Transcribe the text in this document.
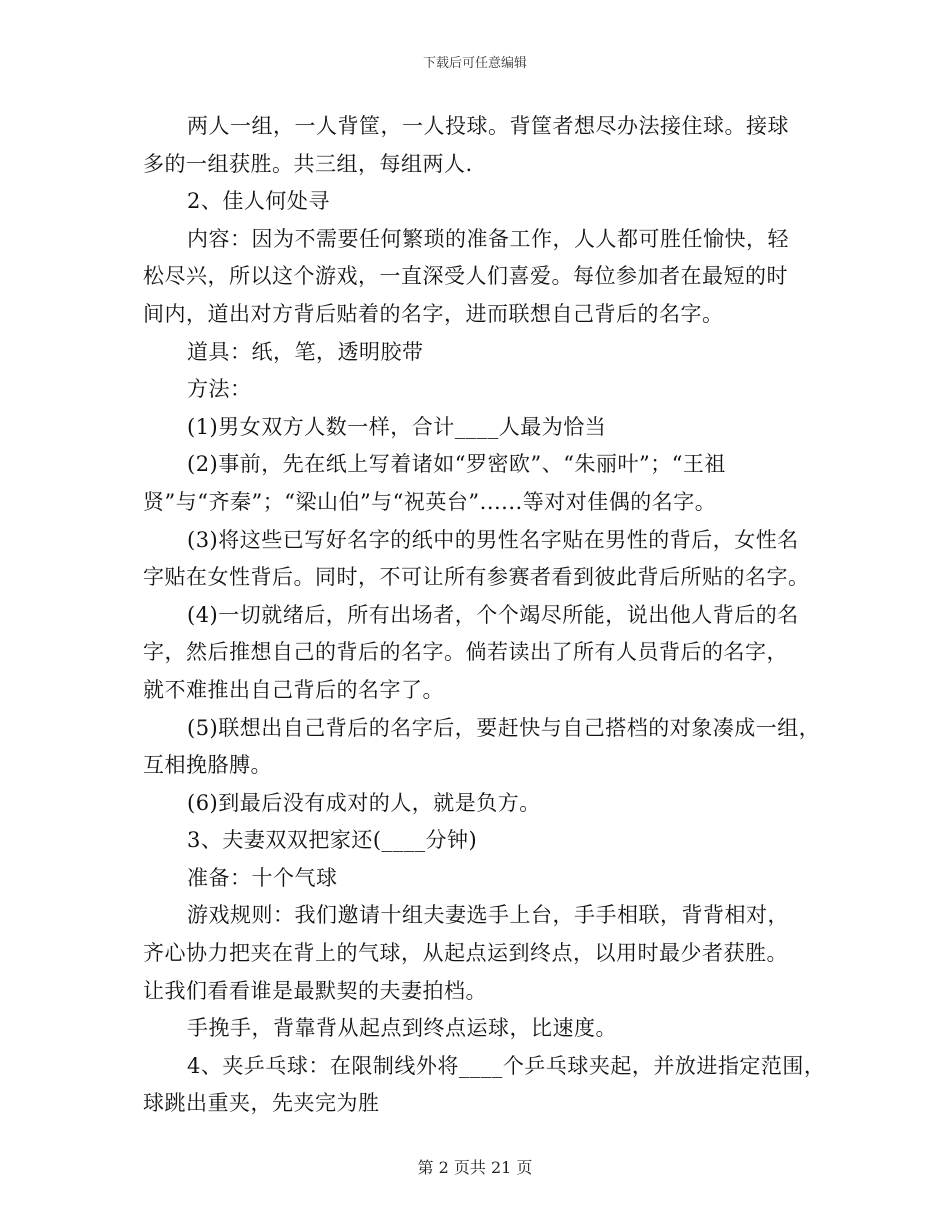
下载后可任意编辑
两人一组，一人背筐，一人投球。背筐者想尽办法接住球。接球
多的一组获胜。共三组，每组两人.
2、佳人何处寻
内容：因为不需要任何繁琐的准备工作，人人都可胜任愉快，轻
松尽兴，所以这个游戏，一直深受人们喜爱。每位参加者在最短的时
间内，道出对方背后贴着的名字，进而联想自己背后的名字。
道具：纸，笔，透明胶带
方法：
(1)男女双方人数一样，合计____人最为恰当
(2)事前，先在纸上写着诸如“罗密欧”、“朱丽叶”；“王祖
贤”与“齐秦”；“梁山伯”与“祝英台”......等对对佳偶的名字。
(3)将这些已写好名字的纸中的男性名字贴在男性的背后，女性名
字贴在女性背后。同时，不可让所有参赛者看到彼此背后所贴的名字。
(4)一切就绪后，所有出场者，个个竭尽所能，说出他人背后的名
字，然后推想自己的背后的名字。倘若读出了所有人员背后的名字，
就不难推出自己背后的名字了。
(5)联想出自己背后的名字后，要赶快与自己搭档的对象凑成一组，
互相挽胳膊。
(6)到最后没有成对的人，就是负方。
3、夫妻双双把家还(____分钟)
准备：十个气球
游戏规则：我们邀请十组夫妻选手上台，手手相联，背背相对，
齐心协力把夹在背上的气球，从起点运到终点，以用时最少者获胜。
让我们看看谁是最默契的夫妻拍档。
手挽手，背靠背从起点到终点运球，比速度。
4、夹乒乓球：在限制线外将____个乒乓球夹起，并放进指定范围，
球跳出重夹，先夹完为胜
第 2 页共 21 页
